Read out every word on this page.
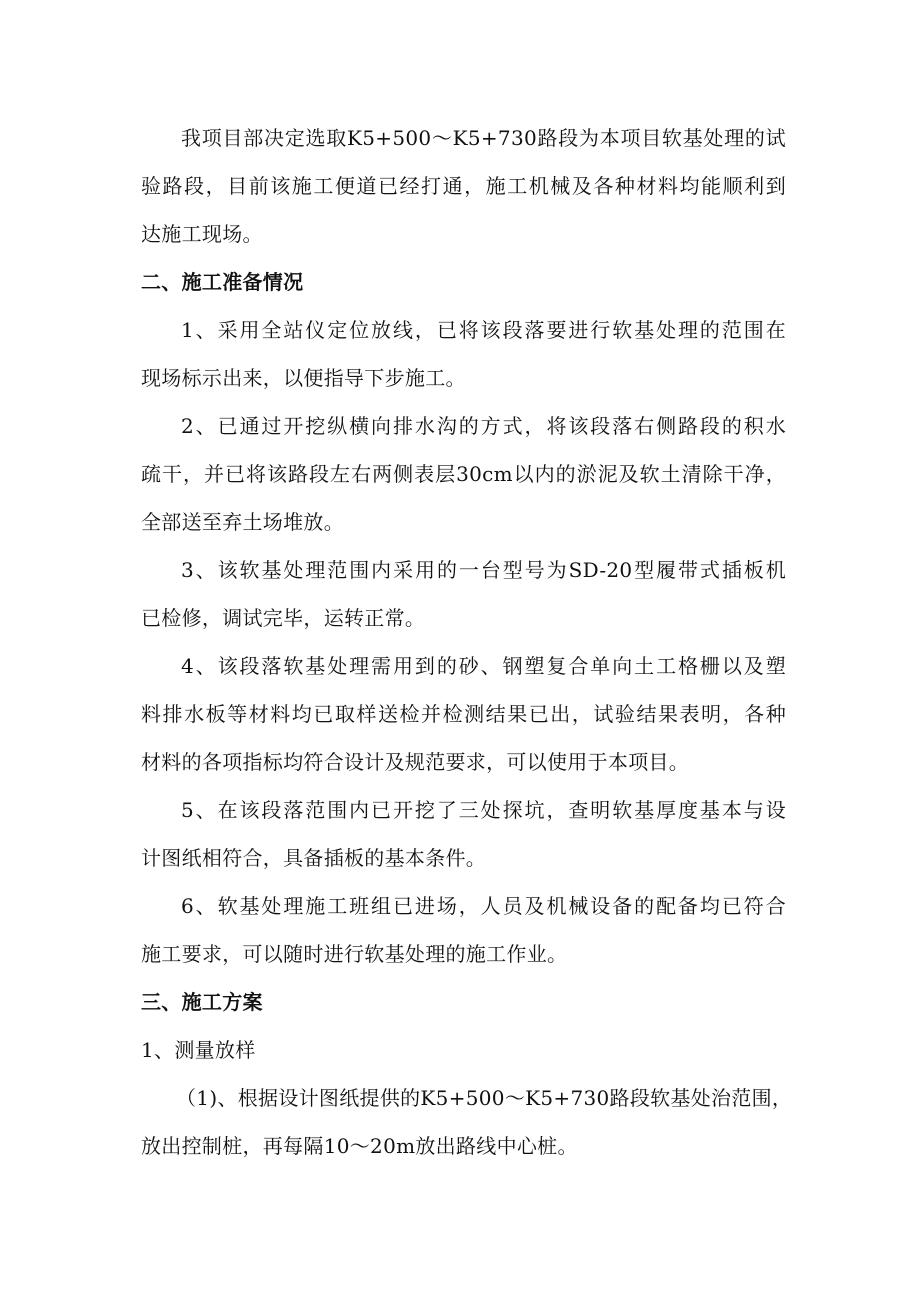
我项目部决定选取K5+500～K5+730路段为本项目软基处理的试
验路段，目前该施工便道已经打通，施工机械及各种材料均能顺利到
达施工现场。
二、施工准备情况
1、采用全站仪定位放线，已将该段落要进行软基处理的范围在
现场标示出来，以便指导下步施工。
2、已通过开挖纵横向排水沟的方式，将该段落右侧路段的积水
疏干，并已将该路段左右两侧表层30cm以内的淤泥及软土清除干净，
全部送至弃土场堆放。
3、该软基处理范围内采用的一台型号为SD-20型履带式插板机
已检修，调试完毕，运转正常。
4、该段落软基处理需用到的砂、钢塑复合单向土工格栅以及塑
料排水板等材料均已取样送检并检测结果已出，试验结果表明，各种
材料的各项指标均符合设计及规范要求，可以使用于本项目。
5、在该段落范围内已开挖了三处探坑，查明软基厚度基本与设
计图纸相符合，具备插板的基本条件。
6、软基处理施工班组已进场，人员及机械设备的配备均已符合
施工要求，可以随时进行软基处理的施工作业。
三、施工方案
1、测量放样
（1)、根据设计图纸提供的K5+500～K5+730路段软基处治范围，
放出控制桩，再每隔10～20m放出路线中心桩。
